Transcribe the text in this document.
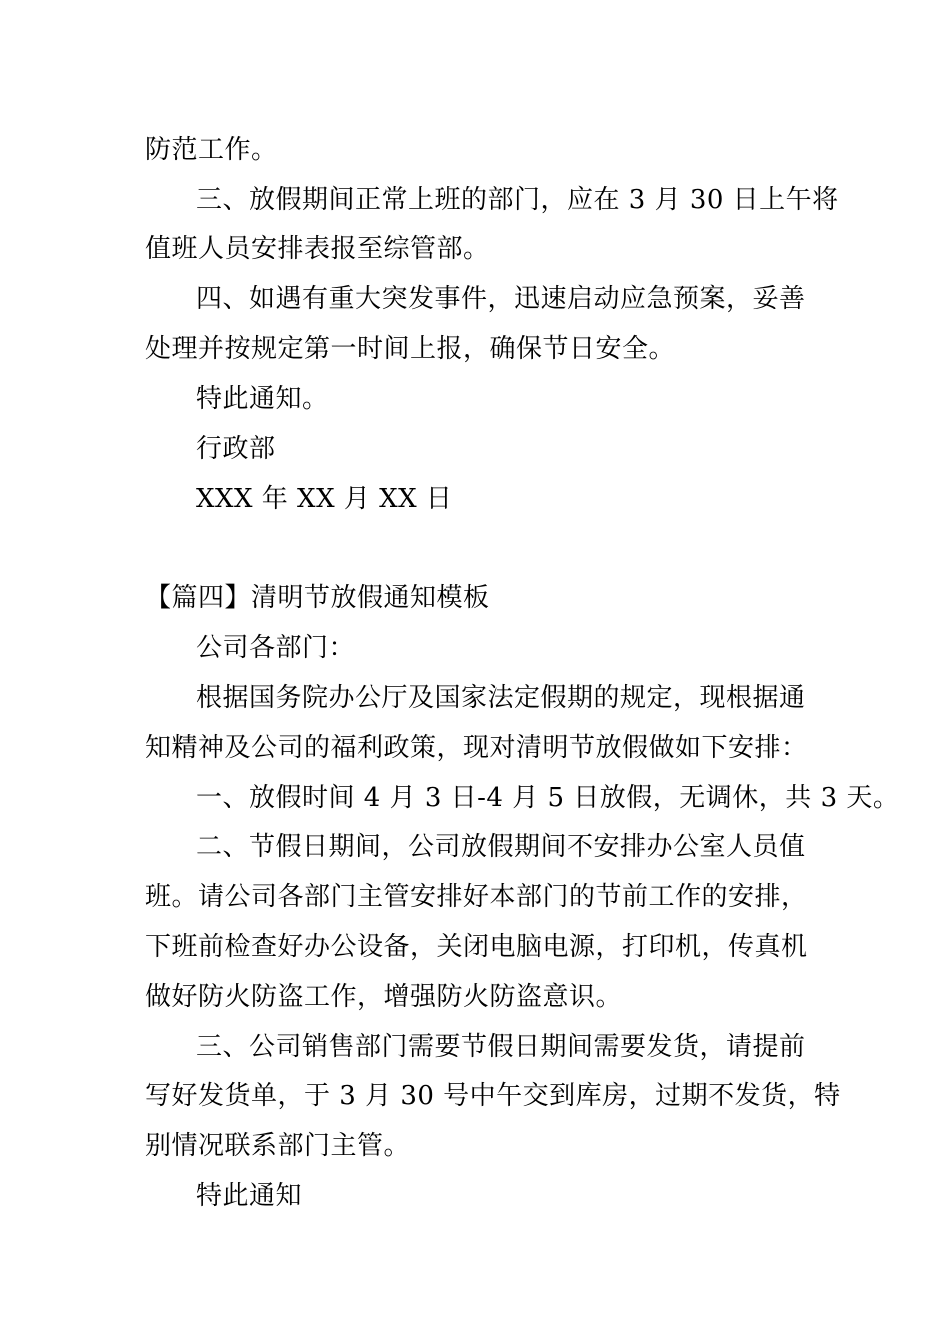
防范工作。
三、放假期间正常上班的部门，应在 3 月 30 日上午将
值班人员安排表报至综管部。
四、如遇有重大突发事件，迅速启动应急预案，妥善
处理并按规定第一时间上报，确保节日安全。
特此通知。
行政部
XXX 年 XX 月 XX 日
【篇四】清明节放假通知模板
公司各部门：
根据国务院办公厅及国家法定假期的规定，现根据通
知精神及公司的福利政策，现对清明节放假做如下安排：
一、放假时间 4 月 3 日-4 月 5 日放假，无调休，共 3 天。
二、节假日期间，公司放假期间不安排办公室人员值
班。请公司各部门主管安排好本部门的节前工作的安排，
下班前检查好办公设备，关闭电脑电源，打印机，传真机
做好防火防盗工作，增强防火防盗意识。
三、公司销售部门需要节假日期间需要发货，请提前
写好发货单，于 3 月 30 号中午交到库房，过期不发货，特
别情况联系部门主管。
特此通知
